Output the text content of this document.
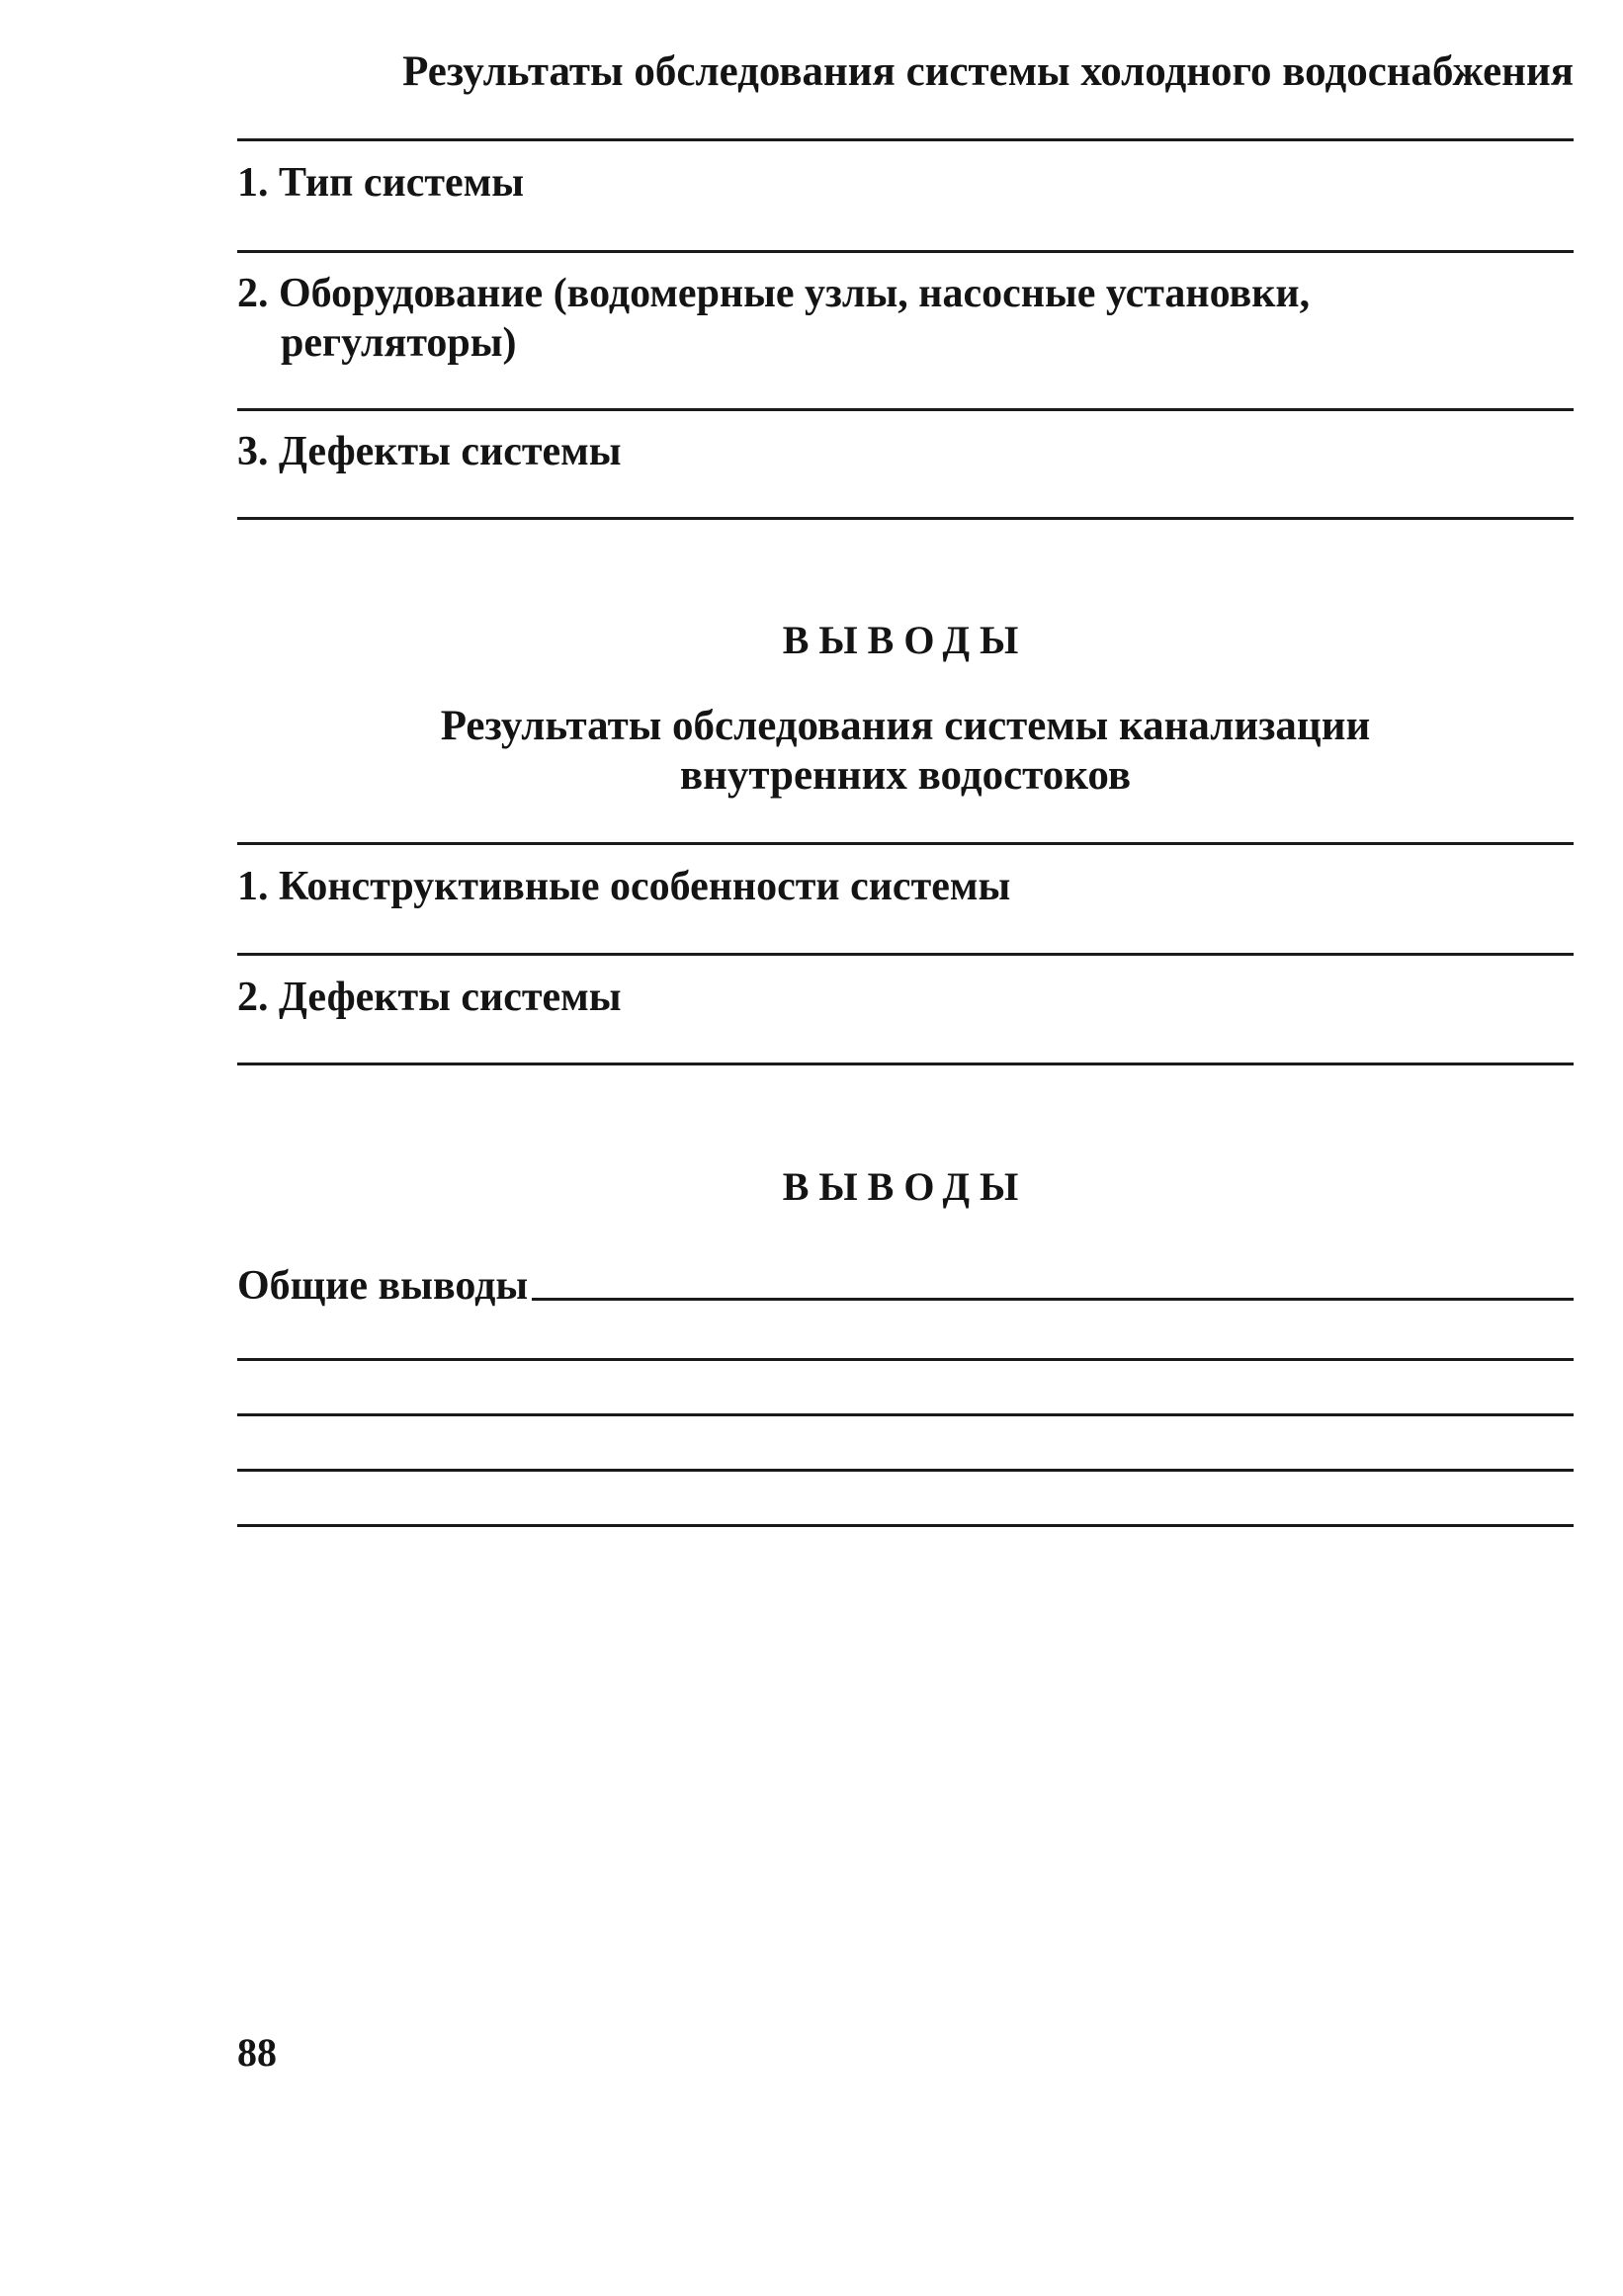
Результаты обследования системы холодного водоснабжения
1. Тип системы
2. Оборудование (водомерные узлы, насосные установки,
регуляторы)
3. Дефекты системы
ВЫВОДЫ
Результаты обследования системы канализации
внутренних водостоков
1. Конструктивные особенности системы
2. Дефекты системы
ВЫВОДЫ
Общие выводы
88
